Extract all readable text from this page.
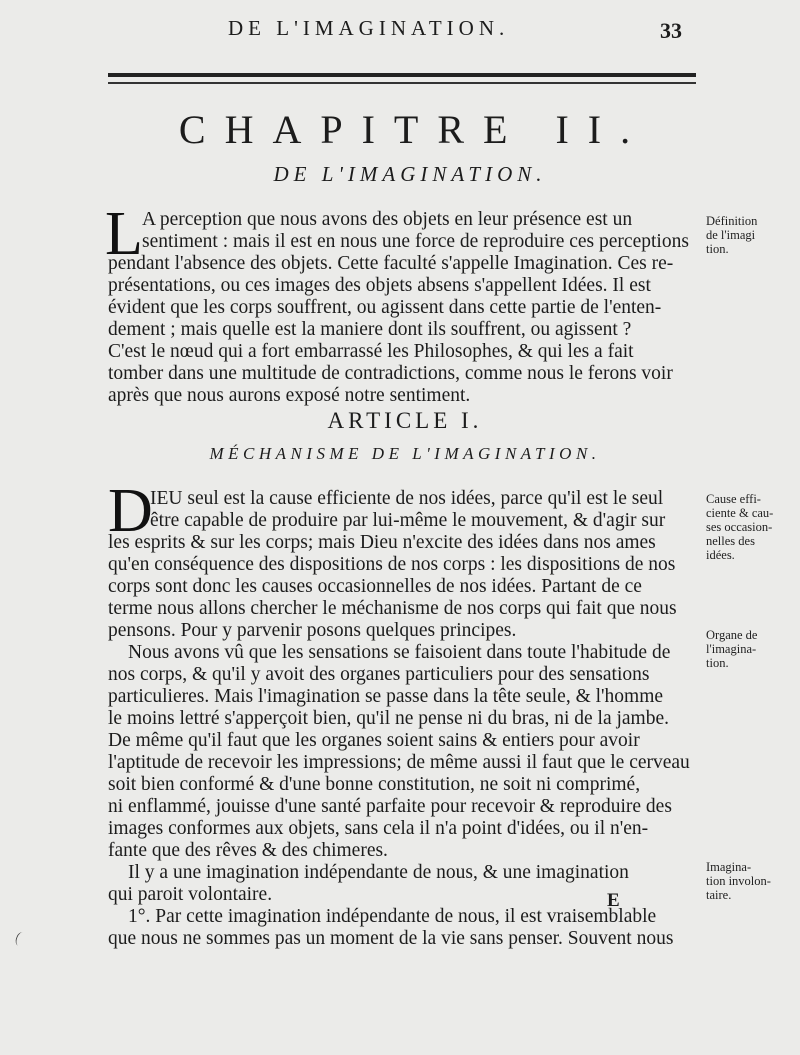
DE L'IMAGINATION.	33
CHAPITRE II.
DE L'IMAGINATION.
L A perception que nous avons des objets en leur présence est un
sentiment : mais il est en nous une force de reproduire ces perceptions
pendant l'absence des objets. Cette faculté s'appelle Imagination. Ces re-
présentations, ou ces images des objets absens s'appellent Idées. Il est
évident que les corps souffrent, ou agissent dans cette partie de l'enten-
dement ; mais quelle est la maniere dont ils souffrent, ou agissent ?
C'est le nœud qui a fort embarrassé les Philosophes, & qui les a fait
tomber dans une multitude de contradictions, comme nous le ferons voir
après que nous aurons exposé notre sentiment.
ARTICLE I.
MÉCHANISME DE L'IMAGINATION.
D
IEU seul est la cause efficiente de nos idées, parce qu'il est le seul
être capable de produire par lui-même le mouvement, & d'agir sur
les esprits & sur les corps; mais Dieu n'excite des idées dans nos ames
qu'en conséquence des dispositions de nos corps : les dispositions de nos
corps sont donc les causes occasionnelles de nos idées. Partant de ce
terme nous allons chercher le méchanisme de nos corps qui fait que nous
pensons. Pour y parvenir posons quelques principes.
Nous avons vû que les sensations se faisoient dans toute l'habitude de
nos corps, & qu'il y avoit des organes particuliers pour des sensations
particulieres. Mais l'imagination se passe dans la tête seule, & l'homme
le moins lettré s'apperçoit bien, qu'il ne pense ni du bras, ni de la jambe.
De même qu'il faut que les organes soient sains & entiers pour avoir
l'aptitude de recevoir les impressions; de même aussi il faut que le cerveau
soit bien conformé & d'une bonne constitution, ne soit ni comprimé,
ni enflammé, jouisse d'une santé parfaite pour recevoir & reproduire des
images conformes aux objets, sans cela il n'a point d'idées, ou il n'en-
fante que des rêves & des chimeres.
Il y a une imagination indépendante de nous, & une imagination
qui paroit volontaire.
1°. Par cette imagination indépendante de nous, il est vraisemblable
que nous ne sommes pas un moment de la vie sans penser. Souvent nous
Définition
de l'imagi
tion.
Cause effi-
ciente & cau-
ses occasion-
nelles des
idées.
Organe de
l'imagina-
tion.
Imagina-
tion involon-
taire.
E
